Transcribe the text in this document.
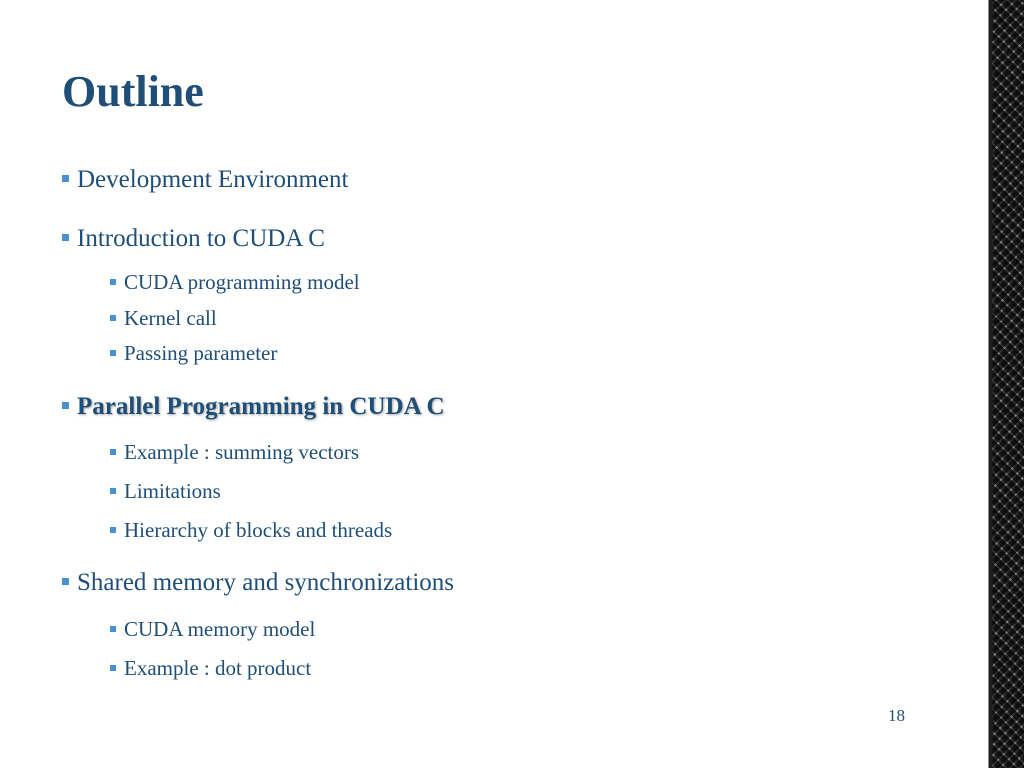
Outline
Development Environment
Introduction to CUDA C
CUDA programming model
Kernel call
Passing parameter
Parallel Programming in CUDA C
Example : summing vectors
Limitations
Hierarchy of blocks and threads
Shared memory and synchronizations
CUDA memory model
Example : dot product
18
